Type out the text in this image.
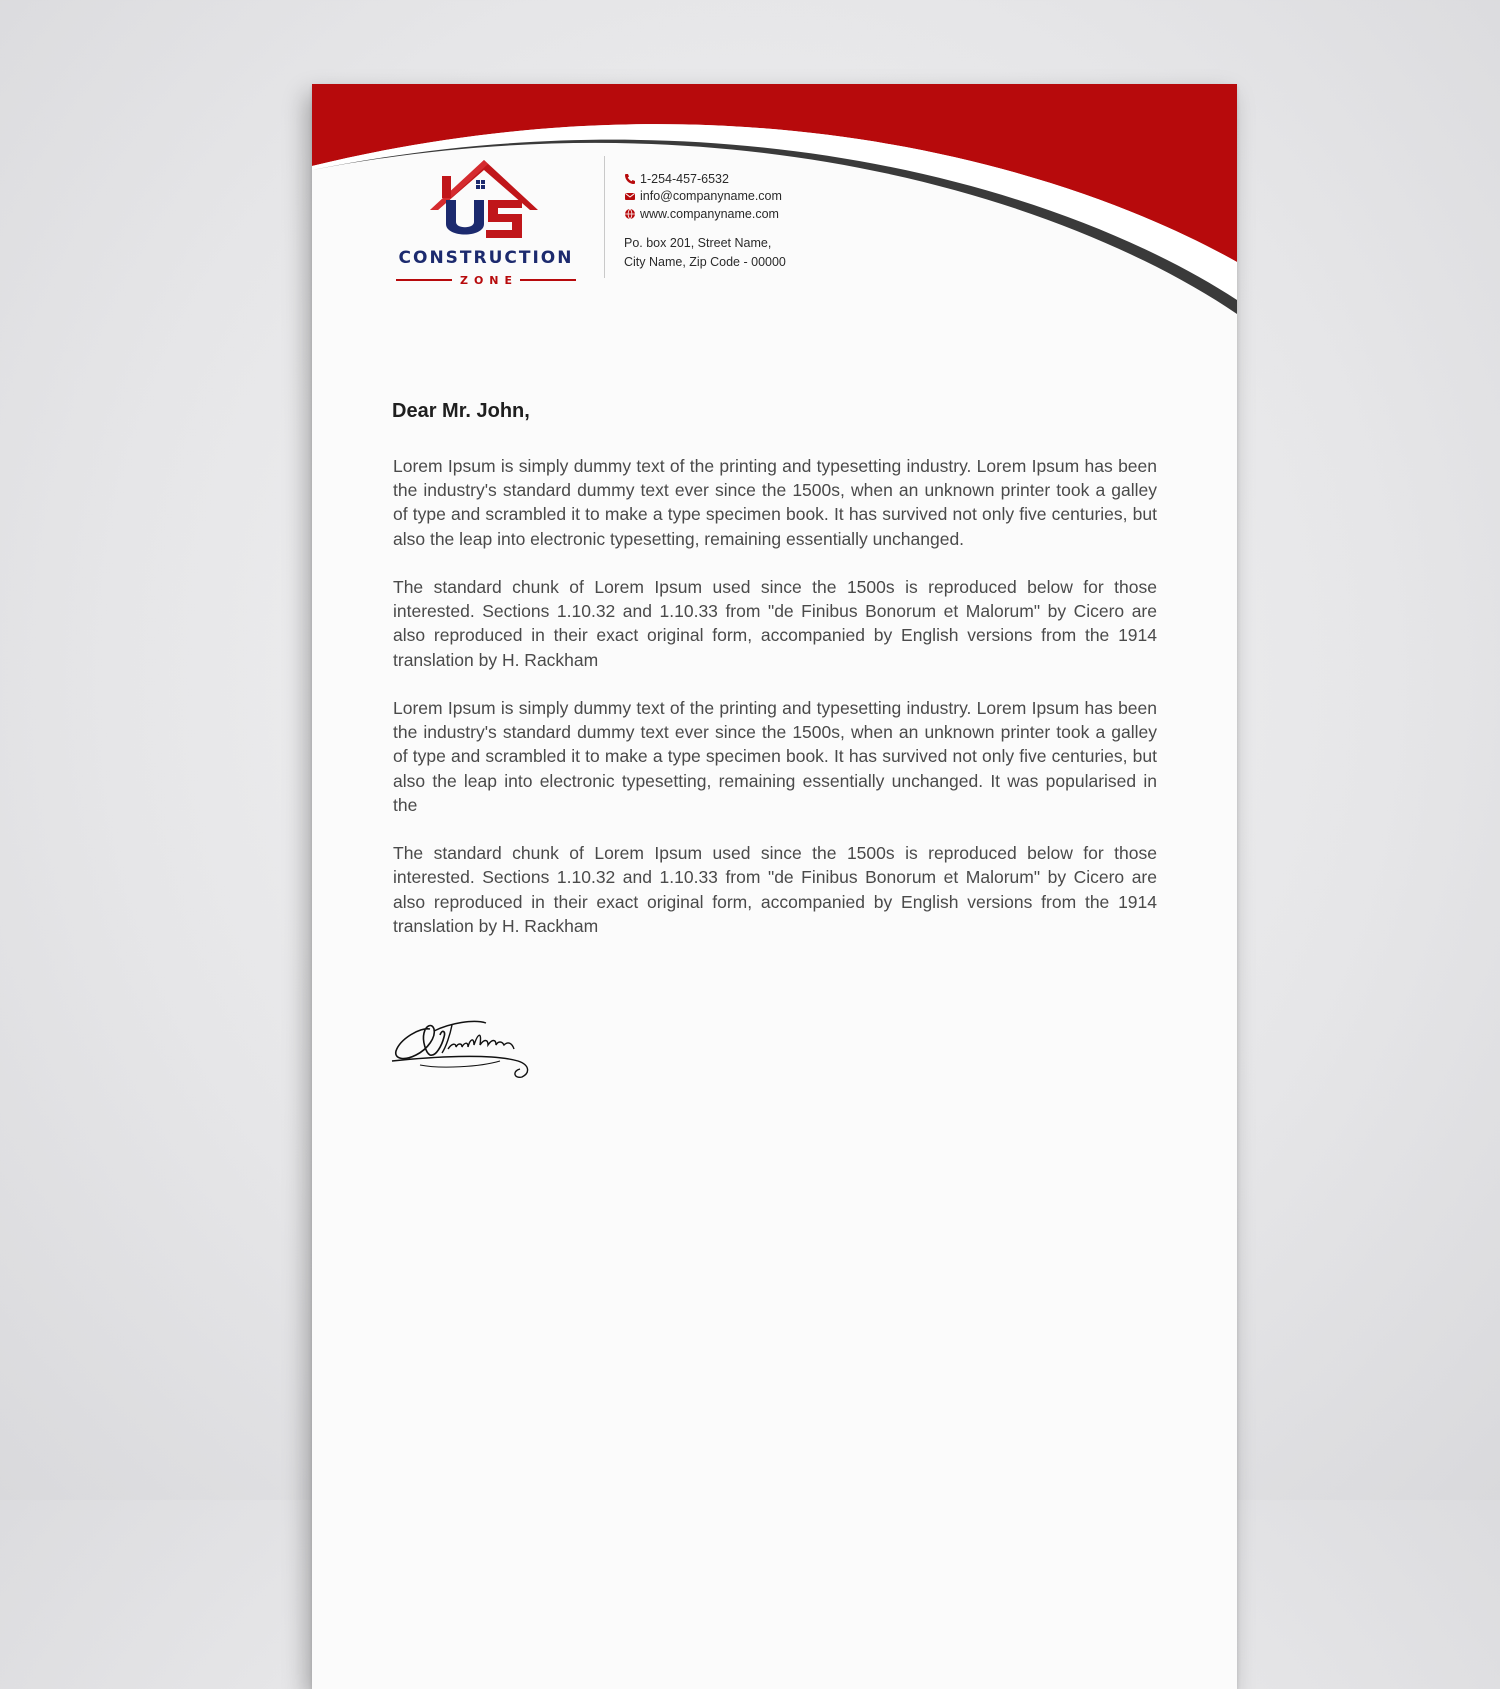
CONSTRUCTION
ZONE
1-254-457-6532
info@companyname.com
www.companyname.com
Po. box 201, Street Name,
City Name, Zip Code - 00000
Dear Mr. John,

Lorem Ipsum is simply dummy text of the printing and typesetting industry. Lorem Ipsum has been the industry's standard dummy text ever since the 1500s, when an unknown printer took a galley of type and scrambled it to make a type specimen book. It has survived not only five centuries, but also the leap into electronic typesetting, remaining essentially unchanged.

The standard chunk of Lorem Ipsum used since the 1500s is reproduced below for those interested. Sections 1.10.32 and 1.10.33 from "de Finibus Bonorum et Malorum" by Cicero are also reproduced in their exact original form, accompanied by English versions from the 1914 translation by H. Rackham

Lorem Ipsum is simply dummy text of the printing and typesetting industry. Lorem Ipsum has been the industry's standard dummy text ever since the 1500s, when an unknown printer took a galley of type and scrambled it to make a type specimen book. It has survived not only five centuries, but also the leap into electronic typesetting, remaining essentially unchanged. It was popularised in the

The standard chunk of Lorem Ipsum used since the 1500s is reproduced below for those interested. Sections 1.10.32 and 1.10.33 from "de Finibus Bonorum et Malorum" by Cicero are also reproduced in their exact original form, accompanied by English versions from the 1914 translation by H. Rackham
